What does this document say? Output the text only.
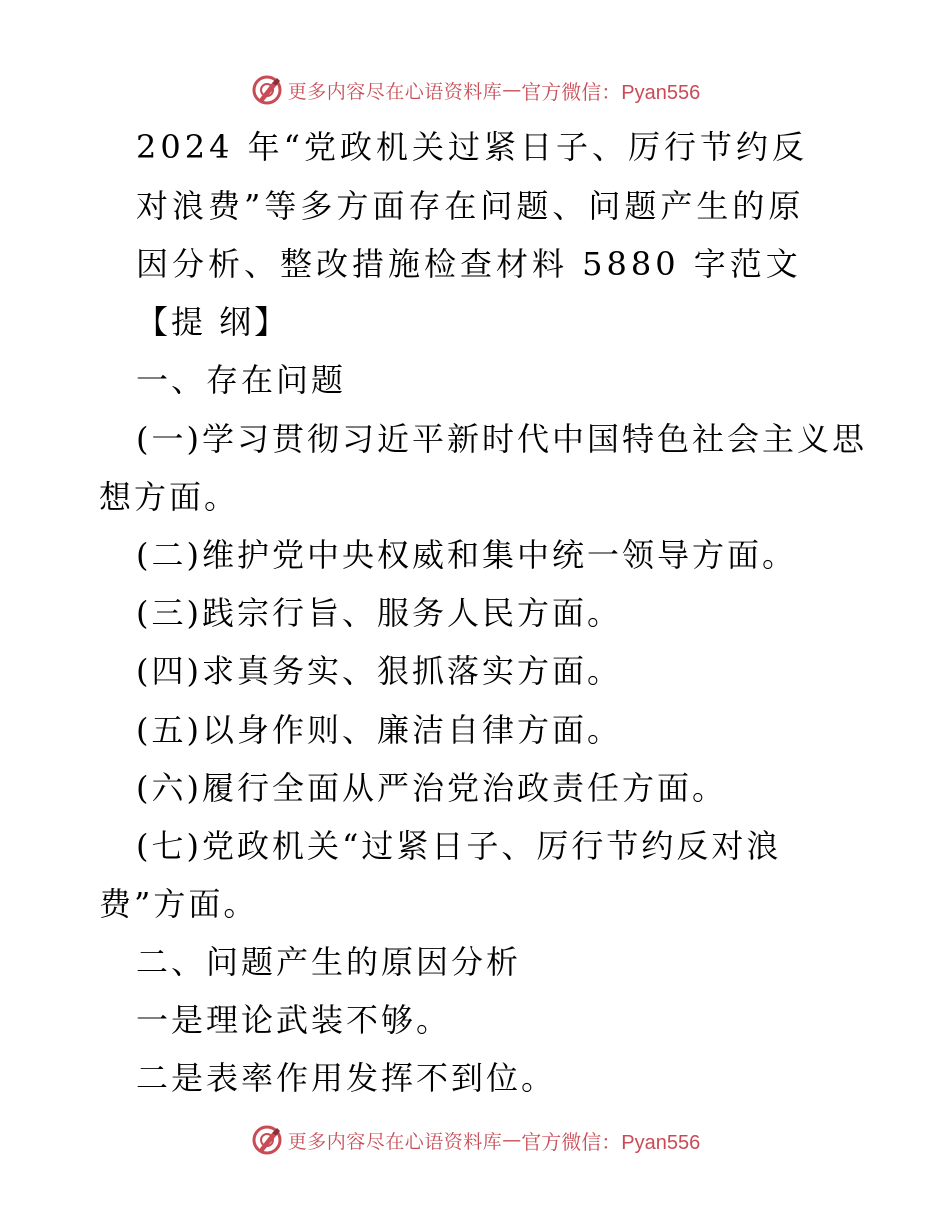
更多内容尽在心语资料库 — 官方微信：Pyan556
2024 年“党政机关过紧日子、厉行节约反
对浪费”等多方面存在问题、问题产生的原
因分析、整改措施检查材料 5880 字范文
【提 纲】
一、存在问题
(一)学习贯彻习近平新时代中国特色社会主义思
想方面。
(二)维护党中央权威和集中统一领导方面。
(三)践宗行旨、服务人民方面。
(四)求真务实、狠抓落实方面。
(五)以身作则、廉洁自律方面。
(六)履行全面从严治党治政责任方面。
(七)党政机关“过紧日子、厉行节约反对浪
费”方面。
二、问题产生的原因分析
一是理论武装不够。
二是表率作用发挥不到位。
更多内容尽在心语资料库 — 官方微信：Pyan556
